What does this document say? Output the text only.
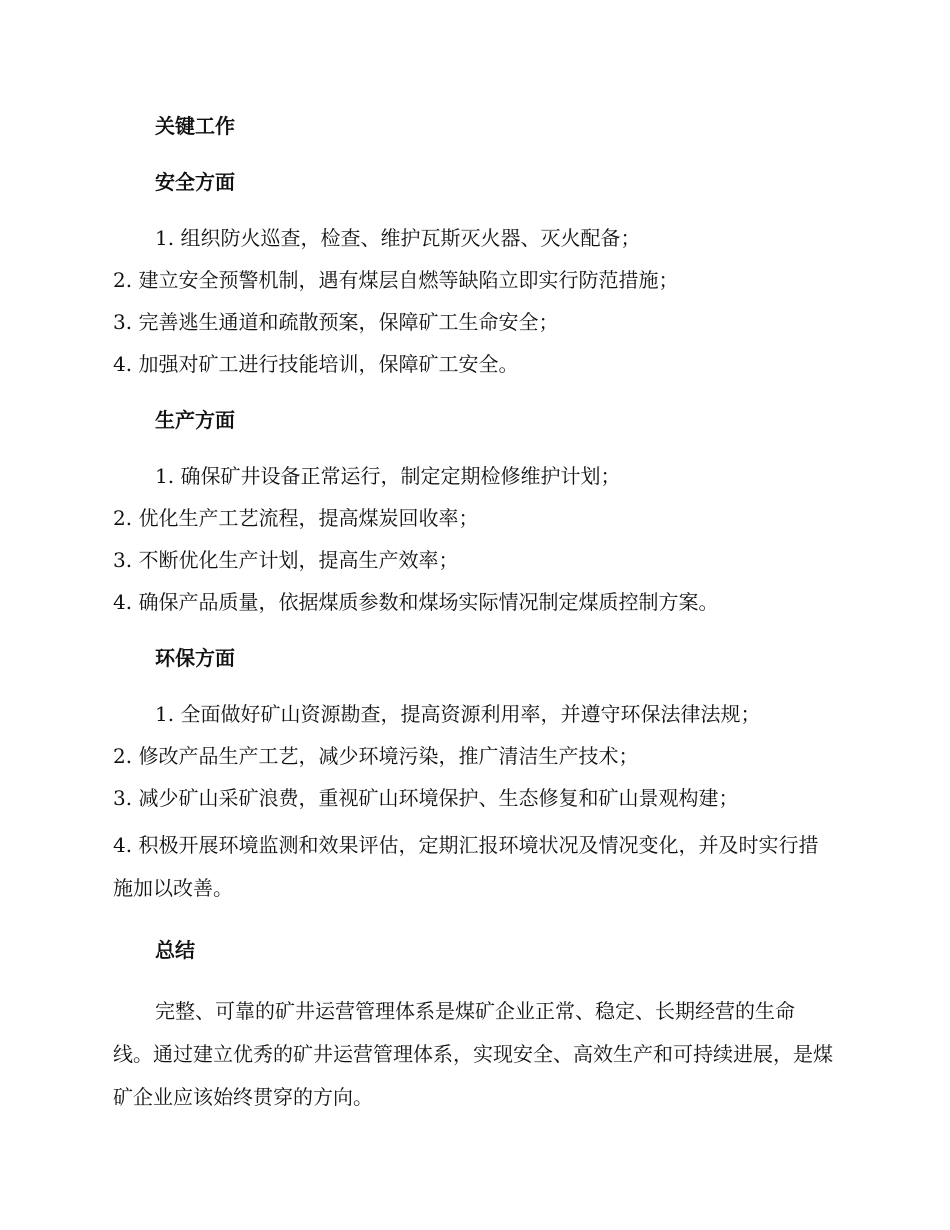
关键工作
安全方面
1. 组织防火巡查，检查、维护瓦斯灭火器、灭火配备；
2. 建立安全预警机制，遇有煤层自燃等缺陷立即实行防范措施；
3. 完善逃生通道和疏散预案，保障矿工生命安全；
4. 加强对矿工进行技能培训，保障矿工安全。
生产方面
1. 确保矿井设备正常运行，制定定期检修维护计划；
2. 优化生产工艺流程，提高煤炭回收率；
3. 不断优化生产计划，提高生产效率；
4. 确保产品质量，依据煤质参数和煤场实际情况制定煤质控制方案。
环保方面
1. 全面做好矿山资源勘查，提高资源利用率，并遵守环保法律法规；
2. 修改产品生产工艺，减少环境污染，推广清洁生产技术；
3. 减少矿山采矿浪费，重视矿山环境保护、生态修复和矿山景观构建；
4. 积极开展环境监测和效果评估，定期汇报环境状况及情况变化，并及时实行措施加以改善。
总结
完整、可靠的矿井运营管理体系是煤矿企业正常、稳定、长期经营的生命线。通过建立优秀的矿井运营管理体系，实现安全、高效生产和可持续进展，是煤矿企业应该始终贯穿的方向。
